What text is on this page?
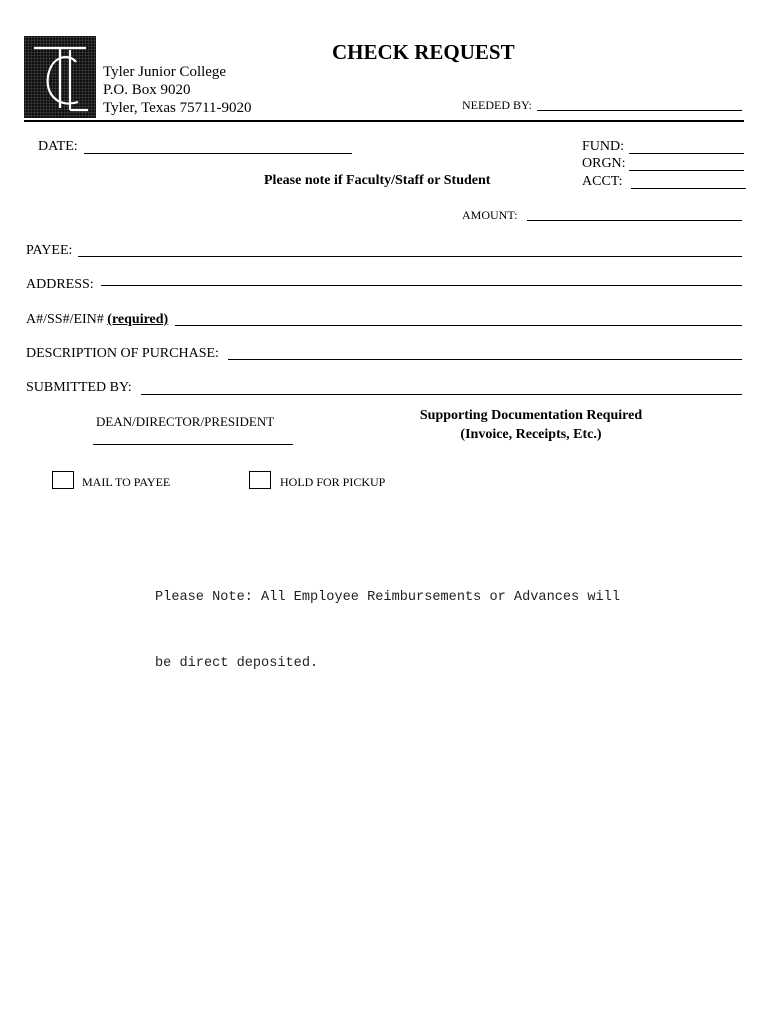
Tyler Junior College
P.O. Box 9020
Tyler, Texas 75711-9020
CHECK REQUEST
NEEDED BY:
DATE:	FUND:
ORGN:
ACCT:
Please note if Faculty/Staff or Student
AMOUNT:
PAYEE:
ADDRESS:
A#/SS#/EIN# (required)
DESCRIPTION OF PURCHASE:
SUBMITTED BY:
DEAN/DIRECTOR/PRESIDENT	Supporting Documentation Required
(Invoice, Receipts, Etc.)
MAIL TO PAYEE	HOLD FOR PICKUP

Please Note: All Employee Reimbursements or Advances will

be direct deposited.
